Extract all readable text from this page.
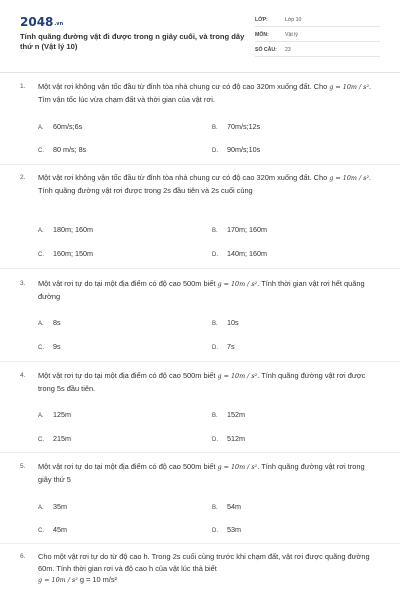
2048.vn
Tính quãng đường vật đi được trong n giây cuối, và trong dây thứ n (Vật lý 10)
LỚP:	Lớp 10
MÔN:	Vật lý
SỐ CÂU: 23
1. Một vật rơi không vận tốc đầu từ đỉnh tòa nhà chung cư có độ cao 320m xuống đất. Cho g = 10m / s². Tìm vận tốc lúc vừa chạm đất và thời gian của vật rơi.
A. 60m/s;6s	B. 70m/s;12s
C. 80 m/s; 8s	D. 90m/s;10s
2. Một vật rơi không vận tốc đầu từ đỉnh tòa nhà chung cư có độ cao 320m xuống đất. Cho g = 10m / s². Tính quãng đường vật rơi được trong 2s đầu tiên và 2s cuối cùng
A. 180m; 160m	B. 170m; 160m
C. 160m; 150m	D. 140m; 160m
3. Một vật rơi tự do tại một địa điểm có độ cao 500m biết g = 10m / s². Tính thời gian vật rơi hết quãng đường
A. 8s	B. 10s
C. 9s	D. 7s
4. Một vật rơi tự do tại một địa điểm có độ cao 500m biết g = 10m / s². Tính quãng đường vật rơi được trong 5s đầu tiên.
A. 125m	B. 152m
C. 215m	D. 512m
5. Một vật rơi tự do tại một địa điểm có độ cao 500m biết g = 10m / s². Tính quãng đường vật rơi trong giây thứ 5
A. 35m	B. 54m
C. 45m	D. 53m
6. Cho một vật rơi tự do từ độ cao h. Trong 2s cuối cùng trước khi chạm đất, vật rơi được quãng đường 60m. Tính thời gian rơi và độ cao h của vật lúc thả biết
g = 10m / s² g = 10 m/s²
